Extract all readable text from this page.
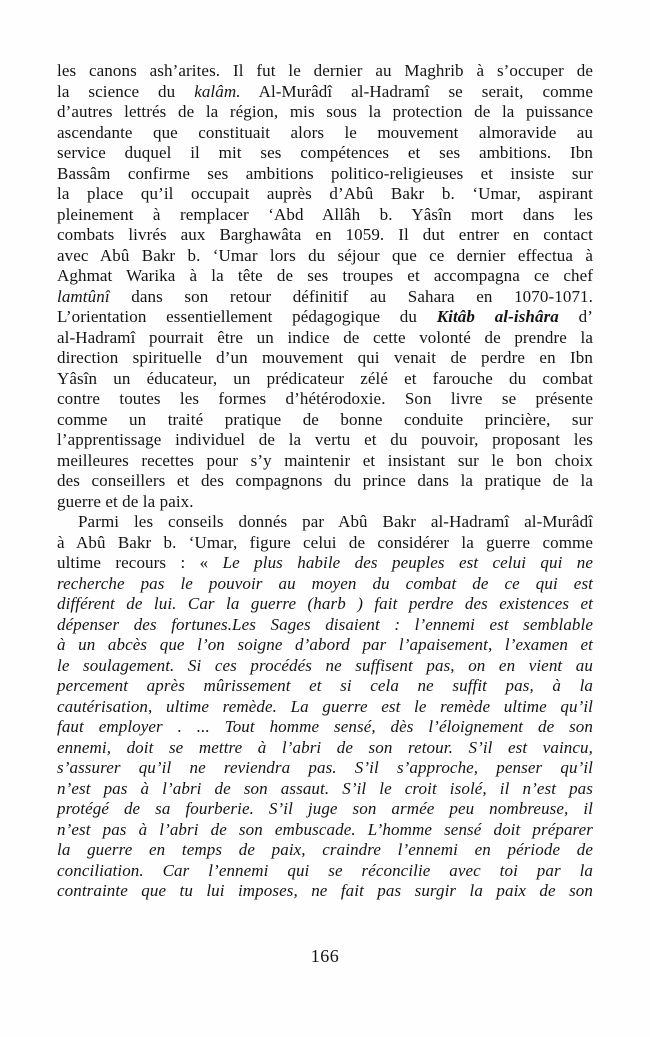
les canons ash’arites. Il fut le dernier au Maghrib à s’occuper de
la science du kalâm. Al-Murâdî al-Hadramî se serait, comme
d’autres lettrés de la région, mis sous la protection de la puissance
ascendante que constituait alors le mouvement almoravide au
service duquel il mit ses compétences et ses ambitions. Ibn
Bassâm confirme ses ambitions politico-religieuses et insiste sur
la place qu’il occupait auprès d’Abû Bakr b. ‘Umar, aspirant
pleinement à remplacer ‘Abd Allâh b. Yâsîn mort dans les
combats livrés aux Barghawâta en 1059. Il dut entrer en contact
avec Abû Bakr b. ‘Umar lors du séjour que ce dernier effectua à
Aghmat Warika à la tête de ses troupes et accompagna ce chef
lamtûnî dans son retour définitif au Sahara en 1070-1071.
L’orientation essentiellement pédagogique du Kitâb al-ishâra d’
al-Hadramî pourrait être un indice de cette volonté de prendre la
direction spirituelle d’un mouvement qui venait de perdre en Ibn
Yâsîn un éducateur, un prédicateur zélé et farouche du combat
contre toutes les formes d’hétérodoxie. Son livre se présente
comme un traité pratique de bonne conduite princière, sur
l’apprentissage individuel de la vertu et du pouvoir, proposant les
meilleures recettes pour s’y maintenir et insistant sur le bon choix
des conseillers et des compagnons du prince dans la pratique de la
guerre et de la paix.
Parmi les conseils donnés par Abû Bakr al-Hadramî al-Murâdî
à Abû Bakr b. ‘Umar, figure celui de considérer la guerre comme
ultime recours : « Le plus habile des peuples est celui qui ne
recherche pas le pouvoir au moyen du combat de ce qui est
différent de lui. Car la guerre (harb ) fait perdre des existences et
dépenser des fortunes.Les Sages disaient : l’ennemi est semblable
à un abcès que l’on soigne d’abord par l’apaisement, l’examen et
le soulagement. Si ces procédés ne suffisent pas, on en vient au
percement après mûrissement et si cela ne suffit pas, à la
cautérisation, ultime remède. La guerre est le remède ultime qu’il
faut employer . ... Tout homme sensé, dès l’éloignement de son
ennemi, doit se mettre à l’abri de son retour. S’il est vaincu,
s’assurer qu’il ne reviendra pas. S’il s’approche, penser qu’il
n’est pas à l’abri de son assaut. S’il le croit isolé, il n’est pas
protégé de sa fourberie. S’il juge son armée peu nombreuse, il
n’est pas à l’abri de son embuscade. L’homme sensé doit préparer
la guerre en temps de paix, craindre l’ennemi en période de
conciliation. Car l’ennemi qui se réconcilie avec toi par la
contrainte que tu lui imposes, ne fait pas surgir la paix de son
166
